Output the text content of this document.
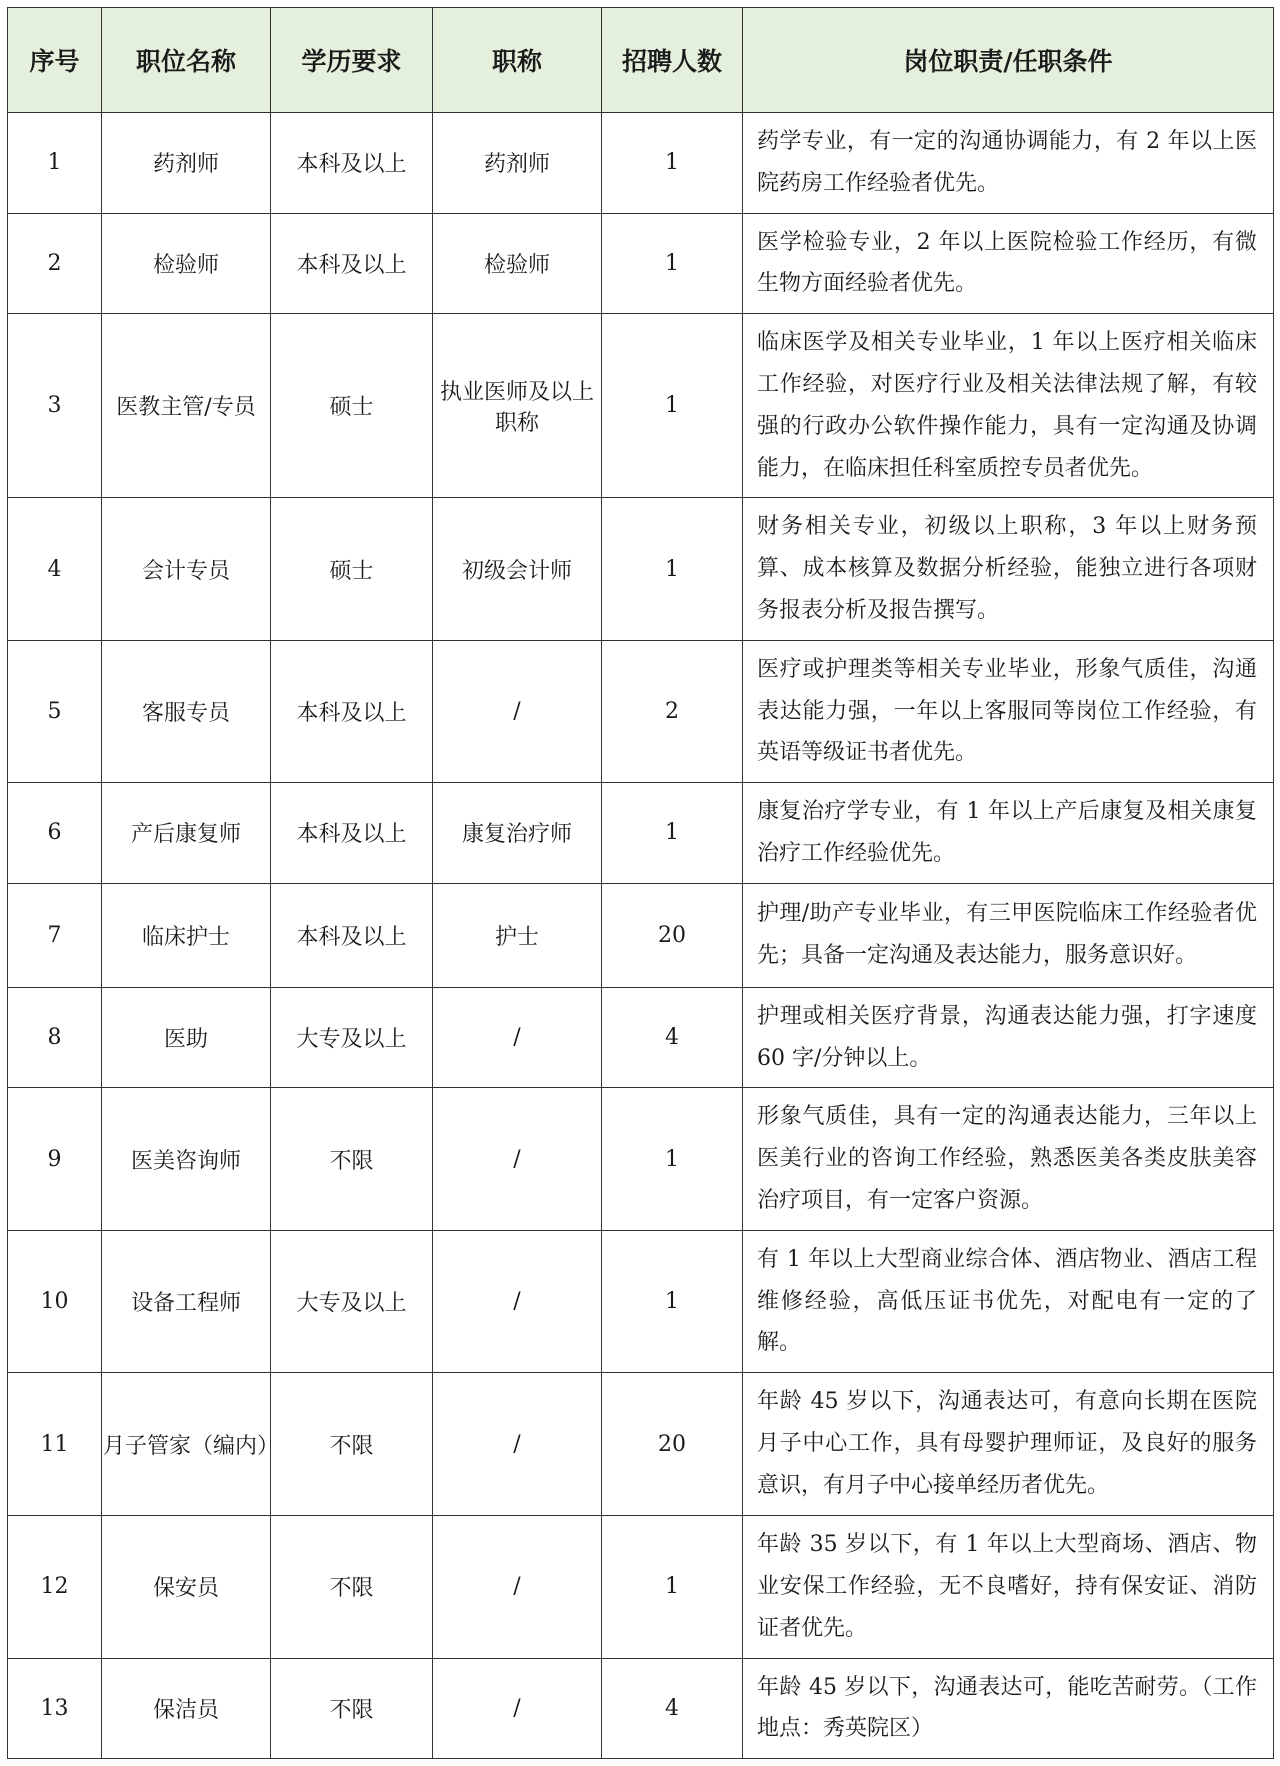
序号	职位名称	学历要求	职称	招聘人数	岗位职责/任职条件
1	药剂师	本科及以上	药剂师	1	药学专业，有一定的沟通协调能力，有 2 年以上医院药房工作经验者优先。
2	检验师	本科及以上	检验师	1	医学检验专业，2 年以上医院检验工作经历，有微生物方面经验者优先。
3	医教主管/专员	硕士	执业医师及以上职称	1	临床医学及相关专业毕业，1 年以上医疗相关临床工作经验，对医疗行业及相关法律法规了解，有较强的行政办公软件操作能力，具有一定沟通及协调能力，在临床担任科室质控专员者优先。
4	会计专员	硕士	初级会计师	1	财务相关专业，初级以上职称，3 年以上财务预算、成本核算及数据分析经验，能独立进行各项财务报表分析及报告撰写。
5	客服专员	本科及以上	/	2	医疗或护理类等相关专业毕业，形象气质佳，沟通表达能力强，一年以上客服同等岗位工作经验，有英语等级证书者优先。
6	产后康复师	本科及以上	康复治疗师	1	康复治疗学专业，有 1 年以上产后康复及相关康复治疗工作经验优先。
7	临床护士	本科及以上	护士	20	护理/助产专业毕业，有三甲医院临床工作经验者优先；具备一定沟通及表达能力，服务意识好。
8	医助	大专及以上	/	4	护理或相关医疗背景，沟通表达能力强，打字速度 60 字/分钟以上。
9	医美咨询师	不限	/	1	形象气质佳，具有一定的沟通表达能力，三年以上医美行业的咨询工作经验，熟悉医美各类皮肤美容治疗项目，有一定客户资源。
10	设备工程师	大专及以上	/	1	有 1 年以上大型商业综合体、酒店物业、酒店工程维修经验，高低压证书优先，对配电有一定的了解。
11	月子管家（编内）	不限	/	20	年龄 45 岁以下，沟通表达可，有意向长期在医院月子中心工作，具有母婴护理师证，及良好的服务意识，有月子中心接单经历者优先。
12	保安员	不限	/	1	年龄 35 岁以下，有 1 年以上大型商场、酒店、物业安保工作经验，无不良嗜好，持有保安证、消防证者优先。
13	保洁员	不限	/	4	年龄 45 岁以下，沟通表达可，能吃苦耐劳。（工作地点：秀英院区）
